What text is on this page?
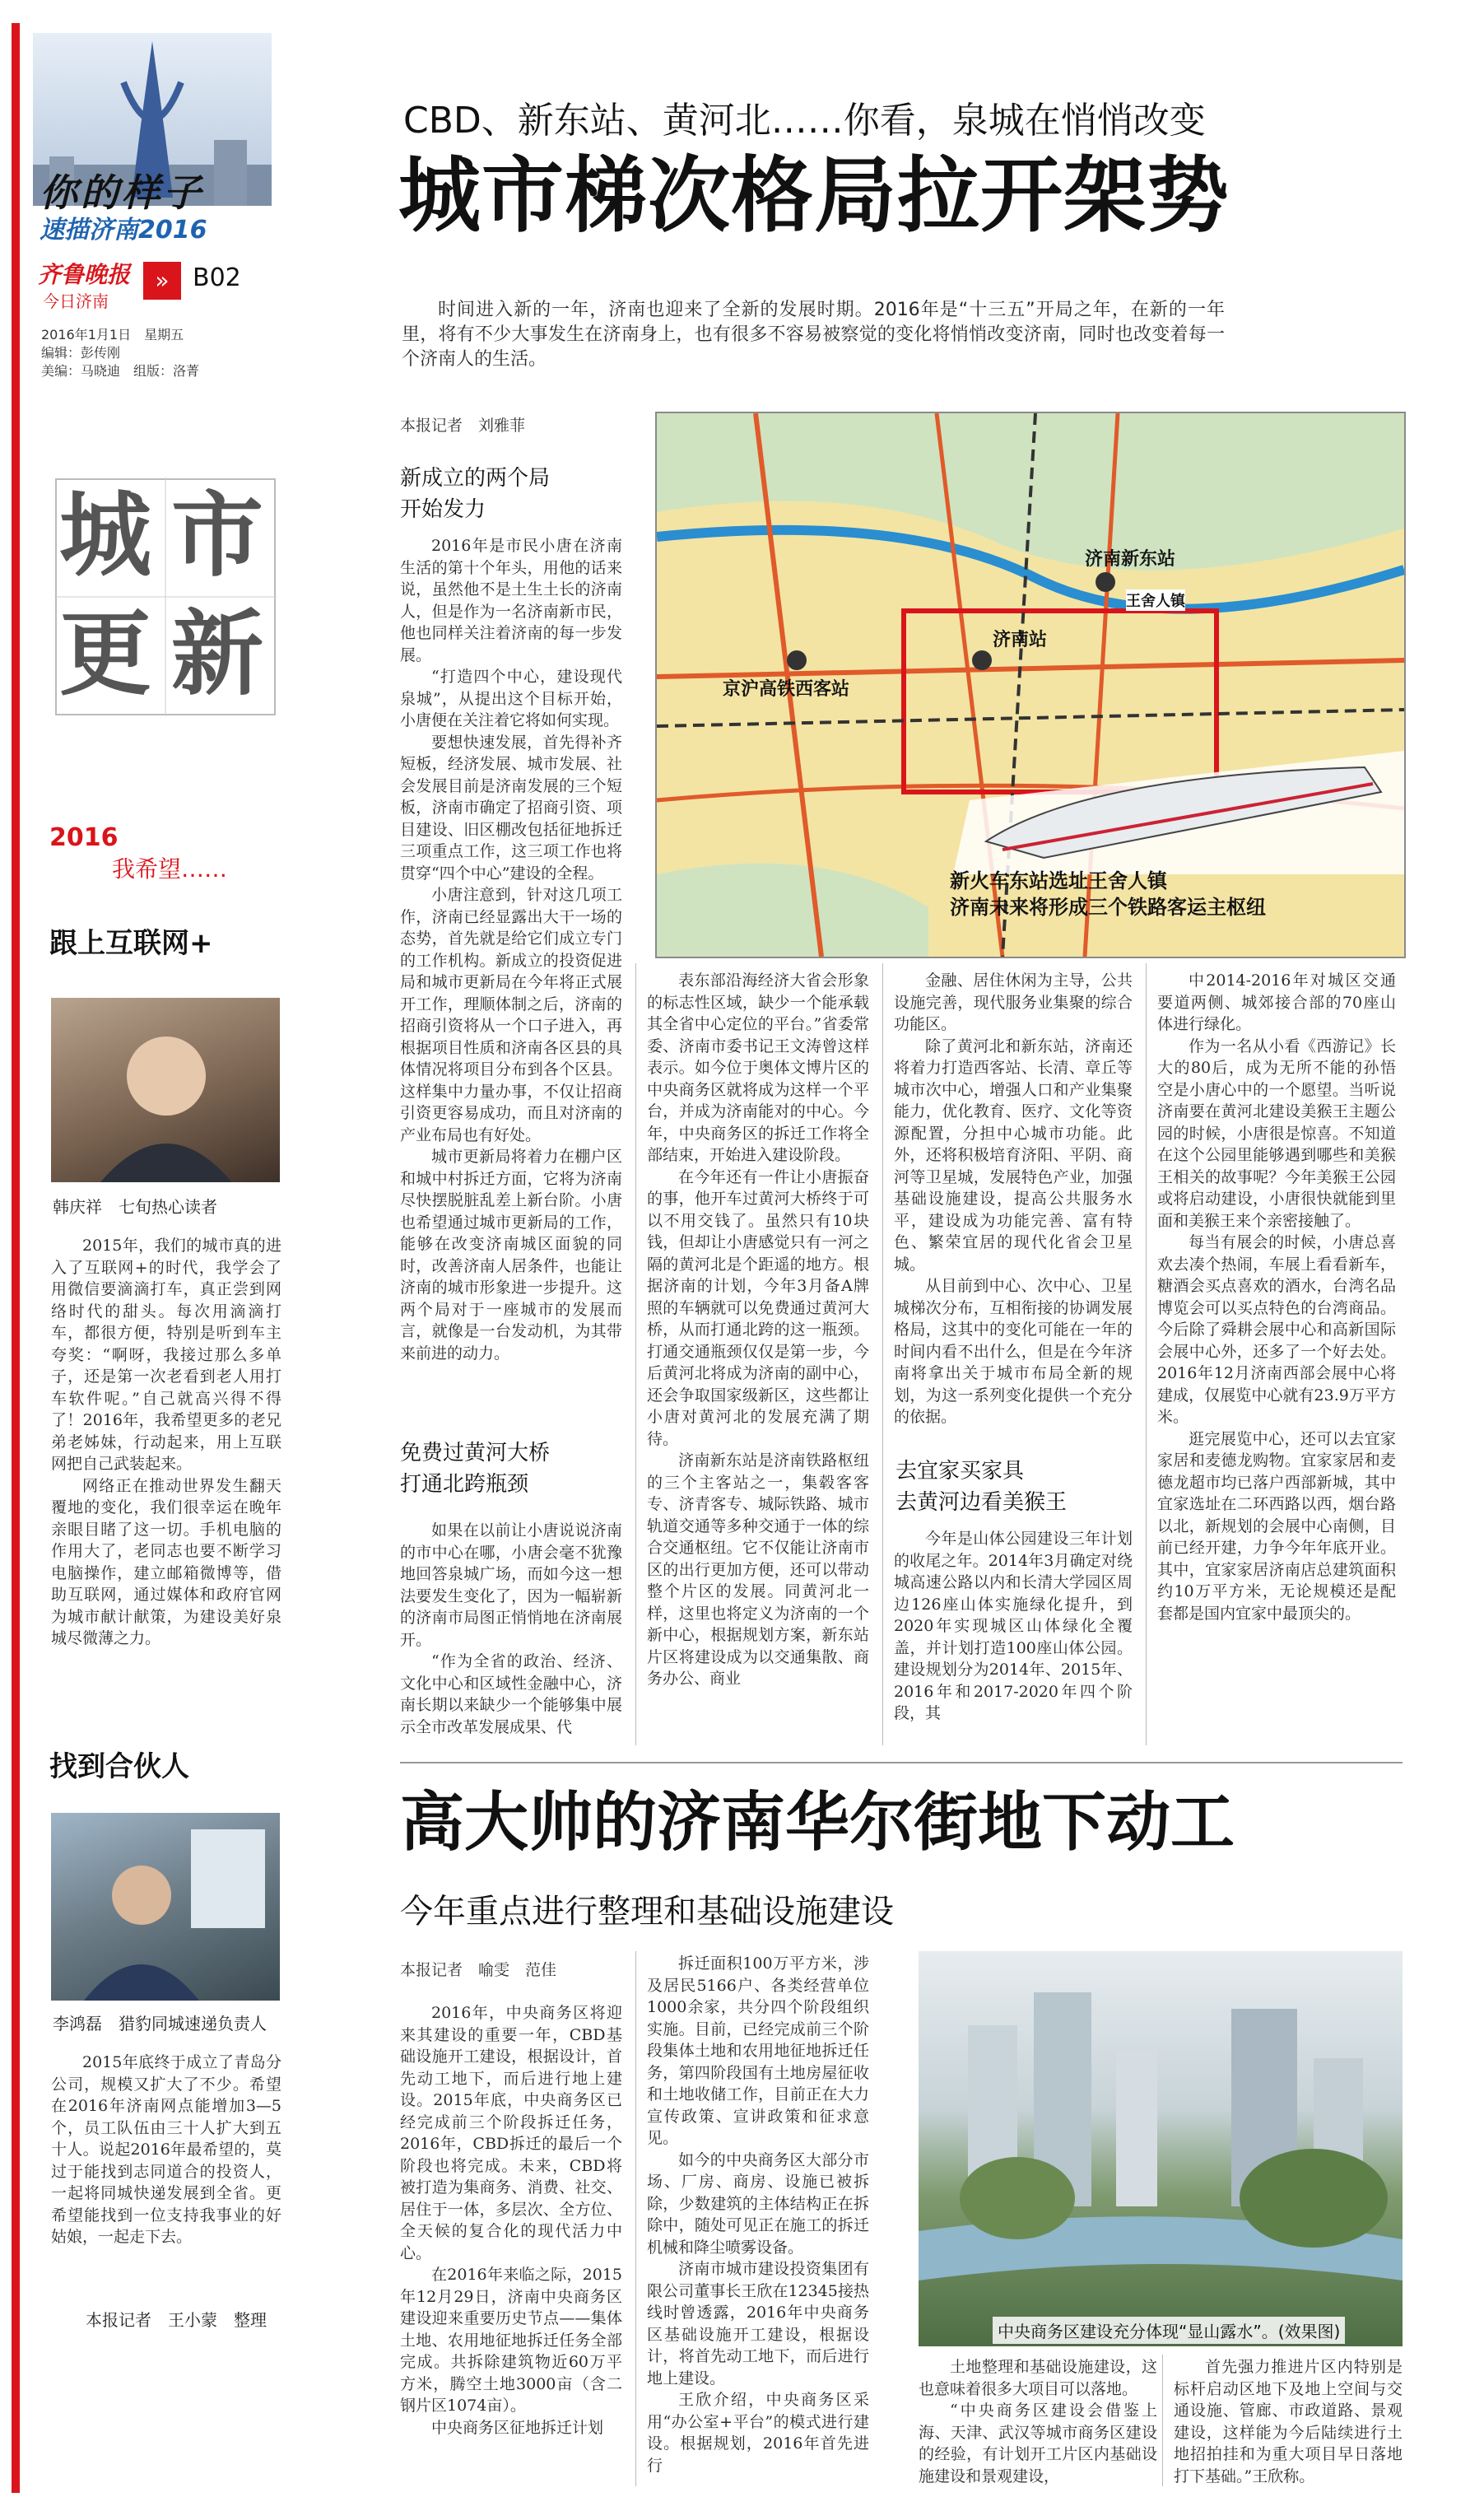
你的样子
速描济南2016
齐鲁晚报
今日济南
» B02
2016年1月1日　星期五
编辑：彭传刚
美编：马晓迪　组版：洛菁
城 市
更 新
2016
我希望……
跟上互联网+
韩庆祥　七旬热心读者

2015年，我们的城市真的进入了互联网+的时代，我学会了用微信要滴滴打车，真正尝到网络时代的甜头。每次用滴滴打车，都很方便，特别是听到车主夸奖：“啊呀，我接过那么多单子，还是第一次老看到老人用打车软件呢。”自己就高兴得不得了！2016年，我希望更多的老兄弟老姊妹，行动起来，用上互联网把自己武装起来。

网络正在推动世界发生翻天覆地的变化，我们很幸运在晚年亲眼目睹了这一切。手机电脑的作用大了，老同志也要不断学习电脑操作，建立邮箱微博等，借助互联网，通过媒体和政府官网为城市献计献策，为建设美好泉城尽微薄之力。

找到合伙人
李鸿磊　猎豹同城速递负责人

2015年底终于成立了青岛分公司，规模又扩大了不少。希望在2016年济南网点能增加3—5个，员工队伍由三十人扩大到五十人。说起2016年最希望的，莫过于能找到志同道合的投资人，一起将同城快递发展到全省。更希望能找到一位支持我事业的好姑娘，一起走下去。

本报记者　王小蒙　整理
CBD、新东站、黄河北……你看，泉城在悄悄改变
城市梯次格局拉开架势

时间进入新的一年，济南也迎来了全新的发展时期。2016年是“十三五”开局之年，在新的一年里，将有不少大事发生在济南身上，也有很多不容易被察觉的变化将悄悄改变济南，同时也改变着每一个济南人的生活。

本报记者　刘雅菲
新成立的两个局
开始发力

2016年是市民小唐在济南生活的第十个年头，用他的话来说，虽然他不是土生土长的济南人，但是作为一名济南新市民，他也同样关注着济南的每一步发展。

“打造四个中心，建设现代泉城”，从提出这个目标开始，小唐便在关注着它将如何实现。

要想快速发展，首先得补齐短板，经济发展、城市发展、社会发展目前是济南发展的三个短板，济南市确定了招商引资、项目建设、旧区棚改包括征地拆迁三项重点工作，这三项工作也将贯穿“四个中心”建设的全程。

小唐注意到，针对这几项工作，济南已经显露出大干一场的态势，首先就是给它们成立专门的工作机构。新成立的投资促进局和城市更新局在今年将正式展开工作，理顺体制之后，济南的招商引资将从一个口子进入，再根据项目性质和济南各区县的具体情况将项目分布到各个区县。这样集中力量办事，不仅让招商引资更容易成功，而且对济南的产业布局也有好处。

城市更新局将着力在棚户区和城中村拆迁方面，它将为济南尽快摆脱脏乱差上新台阶。小唐也希望通过城市更新局的工作，能够在改变济南城区面貌的同时，改善济南人居条件，也能让济南的城市形象进一步提升。这两个局对于一座城市的发展而言，就像是一台发动机，为其带来前进的动力。

免费过黄河大桥
打通北跨瓶颈

如果在以前让小唐说说济南的市中心在哪，小唐会毫不犹豫地回答泉城广场，而如今这一想法要发生变化了，因为一幅崭新的济南市局图正悄悄地在济南展开。

“作为全省的政治、经济、文化中心和区域性金融中心，济南长期以来缺少一个能够集中展示全市改革发展成果、代

表东部沿海经济大省会形象的标志性区域，缺少一个能承载其全省中心定位的平台。”省委常委、济南市委书记王文涛曾这样表示。如今位于奥体文博片区的中央商务区就将成为这样一个平台，并成为济南能对的中心。今年，中央商务区的拆迁工作将全部结束，开始进入建设阶段。

在今年还有一件让小唐振奋的事，他开车过黄河大桥终于可以不用交钱了。虽然只有10块钱，但却让小唐感觉只有一河之隔的黄河北是个距遥的地方。根据济南的计划，今年3月备A牌照的车辆就可以免费通过黄河大桥，从而打通北跨的这一瓶颈。打通交通瓶颈仅仅是第一步，今后黄河北将成为济南的副中心，还会争取国家级新区，这些都让小唐对黄河北的发展充满了期待。

济南新东站是济南铁路枢纽的三个主客站之一，集毂客客专、济青客专、城际铁路、城市轨道交通等多种交通于一体的综合交通枢纽。它不仅能让济南市区的出行更加方便，还可以带动整个片区的发展。同黄河北一样，这里也将定义为济南的一个新中心，根据规划方案，新东站片区将建设成为以交通集散、商务办公、商业

金融、居住休闲为主导，公共设施完善，现代服务业集聚的综合功能区。

除了黄河北和新东站，济南还将着力打造西客站、长清、章丘等城市次中心，增强人口和产业集聚能力，优化教育、医疗、文化等资源配置，分担中心城市功能。此外，还将积极培育济阳、平阴、商河等卫星城，发展特色产业，加强基础设施建设，提高公共服务水平，建设成为功能完善、富有特色、繁荣宜居的现代化省会卫星城。

从目前到中心、次中心、卫星城梯次分布，互相衔接的协调发展格局，这其中的变化可能在一年的时间内看不出什么，但是在今年济南将拿出关于城市布局全新的规划，为这一系列变化提供一个充分的依据。

去宜家买家具
去黄河边看美猴王

今年是山体公园建设三年计划的收尾之年。2014年3月确定对绕城高速公路以内和长清大学园区周边126座山体实施绿化提升，到2020年实现城区山体绿化全覆盖，并计划打造100座山体公园。建设规划分为2014年、2015年、2016年和2017-2020年四个阶段，其

中2014-2016年对城区交通要道两侧、城郊接合部的70座山体进行绿化。

作为一名从小看《西游记》长大的80后，成为无所不能的孙悟空是小唐心中的一个愿望。当听说济南要在黄河北建设美猴王主题公园的时候，小唐很是惊喜。不知道在这个公园里能够遇到哪些和美猴王相关的故事呢？今年美猴王公园或将启动建设，小唐很快就能到里面和美猴王来个亲密接触了。

每当有展会的时候，小唐总喜欢去凑个热闹，车展上看看新车，糖酒会买点喜欢的酒水，台湾名品博览会可以买点特色的台湾商品。今后除了舜耕会展中心和高新国际会展中心外，还多了一个好去处。2016年12月济南西部会展中心将建成，仅展览中心就有23.9万平方米。

逛完展览中心，还可以去宜家家居和麦德龙购物。宜家家居和麦德龙超市均已落户西部新城，其中宜家选址在二环西路以西，烟台路以北，新规划的会展中心南侧，目前已经开建，力争今年年底开业。其中，宜家家居济南店总建筑面积约10万平方米，无论规模还是配套都是国内宜家中最顶尖的。

济南新东站
王舍人镇
济南站
京沪高铁西客站
新火车东站选址王舍人镇
济南未来将形成三个铁路客运主枢纽
高大帅的济南华尔街地下动工
今年重点进行整理和基础设施建设
本报记者　喻雯　范佳

2016年，中央商务区将迎来其建设的重要一年，CBD基础设施开工建设，根据设计，首先动工地下，而后进行地上建设。2015年底，中央商务区已经完成前三个阶段拆迁任务，2016年，CBD拆迁的最后一个阶段也将完成。未来，CBD将被打造为集商务、消费、社交、居住于一体，多层次、全方位、全天候的复合化的现代活力中心。

在2016年来临之际，2015年12月29日，济南中央商务区建设迎来重要历史节点——集体土地、农用地征地拆迁任务全部完成。共拆除建筑物近60万平方米，腾空土地3000亩（含二钢片区1074亩）。

中央商务区征地拆迁计划

拆迁面积100万平方米，涉及居民5166户、各类经营单位1000余家，共分四个阶段组织实施。目前，已经完成前三个阶段集体土地和农用地征地拆迁任务，第四阶段国有土地房屋征收和土地收储工作，目前正在大力宣传政策、宣讲政策和征求意见。

如今的中央商务区大部分市场、厂房、商房、设施已被拆除，少数建筑的主体结构正在拆除中，随处可见正在施工的拆迁机械和降尘喷雾设备。

济南市城市建设投资集团有限公司董事长王欣在12345接热线时曾透露，2016年中央商务区基础设施开工建设，根据设计，将首先动工地下，而后进行地上建设。

王欣介绍，中央商务区采用“办公室+平台”的模式进行建设。根据规划，2016年首先进行

中央商务区建设充分体现“显山露水”。(效果图)

土地整理和基础设施建设，这也意味着很多大项目可以落地。

“中央商务区建设会借鉴上海、天津、武汉等城市商务区建设的经验，有计划开工片区内基础设施建设和景观建设，

首先强力推进片区内特别是标杆启动区地下及地上空间与交通设施、管廊、市政道路、景观建设，这样能为今后陆续进行土地招拍挂和为重大项目早日落地打下基础。”王欣称。
